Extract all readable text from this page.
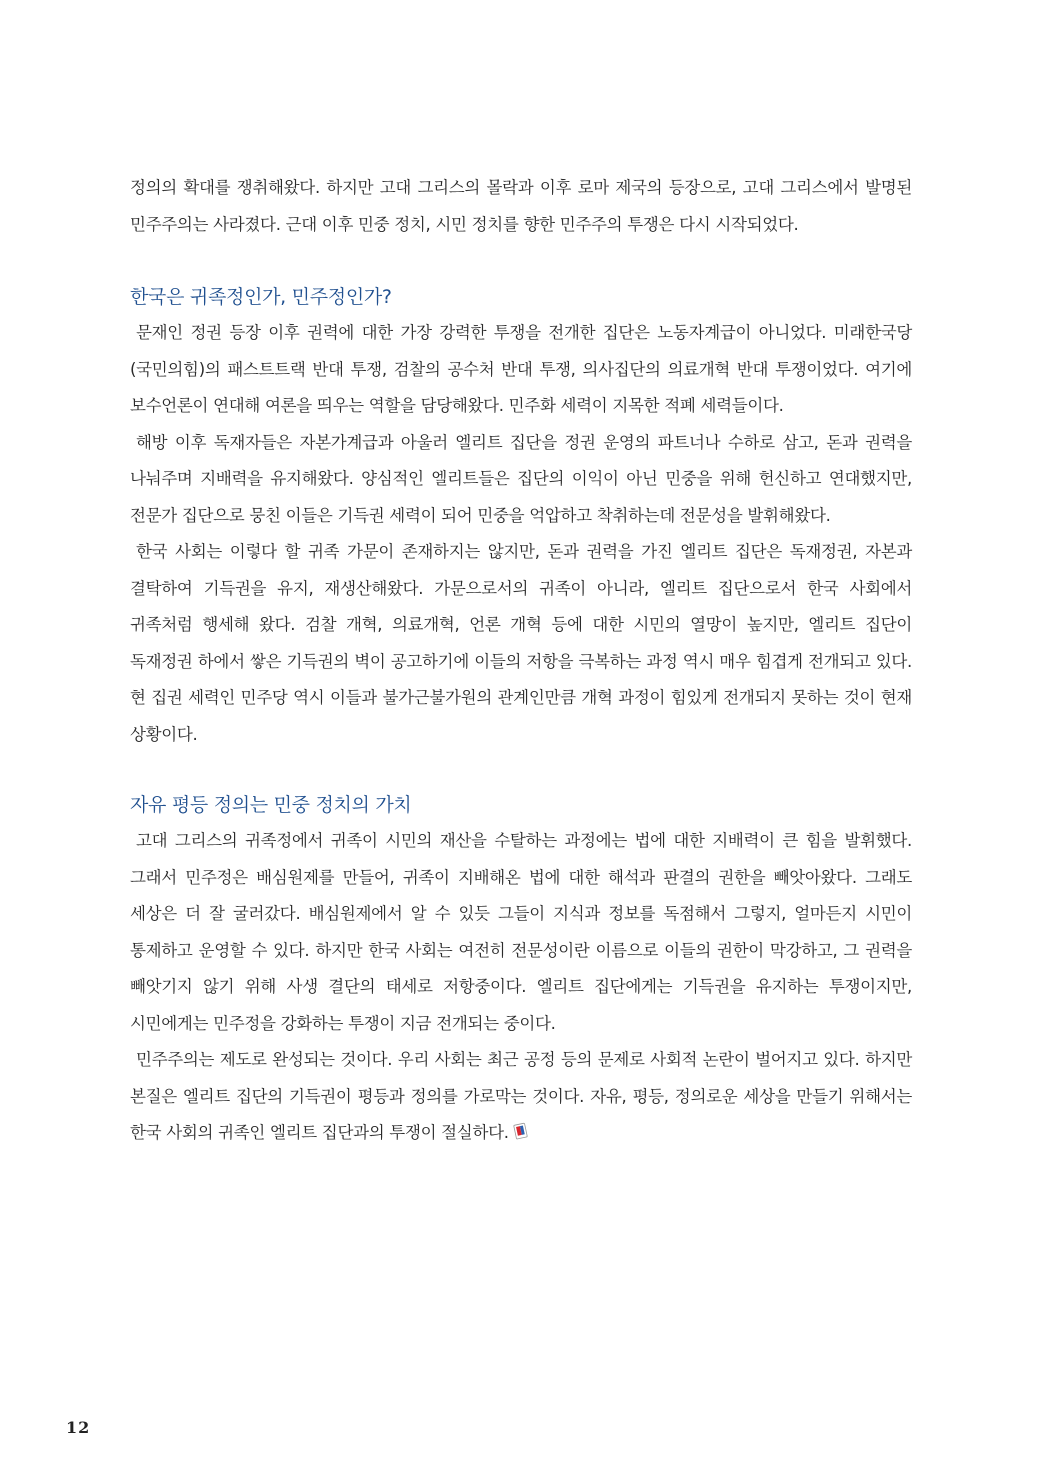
정의의 확대를 쟁취해왔다. 하지만 고대 그리스의 몰락과 이후 로마 제국의 등장으로, 고대 그리스에서 발명된 민주주의는 사라졌다. 근대 이후 민중 정치, 시민 정치를 향한 민주주의 투쟁은 다시 시작되었다.

한국은 귀족정인가, 민주정인가?

문재인 정권 등장 이후 권력에 대한 가장 강력한 투쟁을 전개한 집단은 노동자계급이 아니었다. 미래한국당(국민의힘)의 패스트트랙 반대 투쟁, 검찰의 공수처 반대 투쟁, 의사집단의 의료개혁 반대 투쟁이었다. 여기에 보수언론이 연대해 여론을 띄우는 역할을 담당해왔다. 민주화 세력이 지목한 적폐 세력들이다.

해방 이후 독재자들은 자본가계급과 아울러 엘리트 집단을 정권 운영의 파트너나 수하로 삼고, 돈과 권력을 나눠주며 지배력을 유지해왔다. 양심적인 엘리트들은 집단의 이익이 아닌 민중을 위해 헌신하고 연대했지만, 전문가 집단으로 뭉친 이들은 기득권 세력이 되어 민중을 억압하고 착취하는데 전문성을 발휘해왔다.

한국 사회는 이렇다 할 귀족 가문이 존재하지는 않지만, 돈과 권력을 가진 엘리트 집단은 독재정권, 자본과 결탁하여 기득권을 유지, 재생산해왔다. 가문으로서의 귀족이 아니라, 엘리트 집단으로서 한국 사회에서 귀족처럼 행세해 왔다. 검찰 개혁, 의료개혁, 언론 개혁 등에 대한 시민의 열망이 높지만, 엘리트 집단이 독재정권 하에서 쌓은 기득권의 벽이 공고하기에 이들의 저항을 극복하는 과정 역시 매우 힘겹게 전개되고 있다. 현 집권 세력인 민주당 역시 이들과 불가근불가원의 관계인만큼 개혁 과정이 힘있게 전개되지 못하는 것이 현재 상황이다.

자유 평등 정의는 민중 정치의 가치

고대 그리스의 귀족정에서 귀족이 시민의 재산을 수탈하는 과정에는 법에 대한 지배력이 큰 힘을 발휘했다. 그래서 민주정은 배심원제를 만들어, 귀족이 지배해온 법에 대한 해석과 판결의 권한을 빼앗아왔다. 그래도 세상은 더 잘 굴러갔다. 배심원제에서 알 수 있듯 그들이 지식과 정보를 독점해서 그렇지, 얼마든지 시민이 통제하고 운영할 수 있다. 하지만 한국 사회는 여전히 전문성이란 이름으로 이들의 권한이 막강하고, 그 권력을 빼앗기지 않기 위해 사생 결단의 태세로 저항중이다. 엘리트 집단에게는 기득권을 유지하는 투쟁이지만, 시민에게는 민주정을 강화하는 투쟁이 지금 전개되는 중이다.

민주주의는 제도로 완성되는 것이다. 우리 사회는 최근 공정 등의 문제로 사회적 논란이 벌어지고 있다. 하지만 본질은 엘리트 집단의 기득권이 평등과 정의를 가로막는 것이다. 자유, 평등, 정의로운 세상을 만들기 위해서는 한국 사회의 귀족인 엘리트 집단과의 투쟁이 절실하다.

12
